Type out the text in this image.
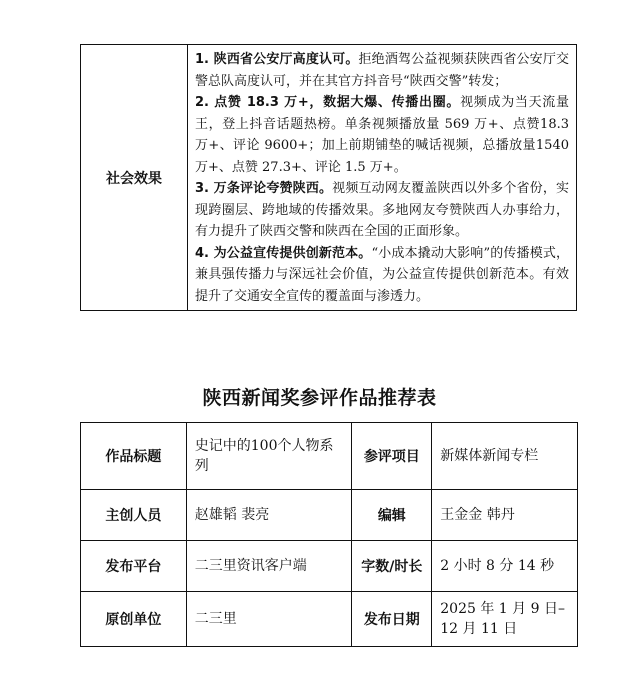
社会效果	

1. 陕西省公安厅高度认可。拒绝酒驾公益视频获陕西省公安厅交警总队高度认可，并在其官方抖音号“陕西交警”转发；

2. 点赞 18.3 万+，数据大爆、传播出圈。视频成为当天流量王，登上抖音话题热榜。单条视频播放量 569 万+、点赞18.3 万+、评论 9600+；加上前期铺垫的喊话视频，总播放量1540万+、点赞 27.3+、评论 1.5 万+。

3. 万条评论夸赞陕西。视频互动网友覆盖陕西以外多个省份，实现跨圈层、跨地域的传播效果。多地网友夸赞陕西人办事给力，有力提升了陕西交警和陕西在全国的正面形象。

4. 为公益宣传提供创新范本。“小成本撬动大影响”的传播模式，兼具强传播力与深远社会价值，为公益宣传提供创新范本。有效提升了交通安全宣传的覆盖面与渗透力。

陕西新闻奖参评作品推荐表
作品标题	史记中的100个人物系列	参评项目	新媒体新闻专栏
主创人员	赵雄韬 裴亮	编辑	王金金 韩丹
发布平台	二三里资讯客户端	字数/时长	2 小时 8 分 14 秒
原创单位	二三里	发布日期	2025 年 1 月 9 日–12 月 11 日
